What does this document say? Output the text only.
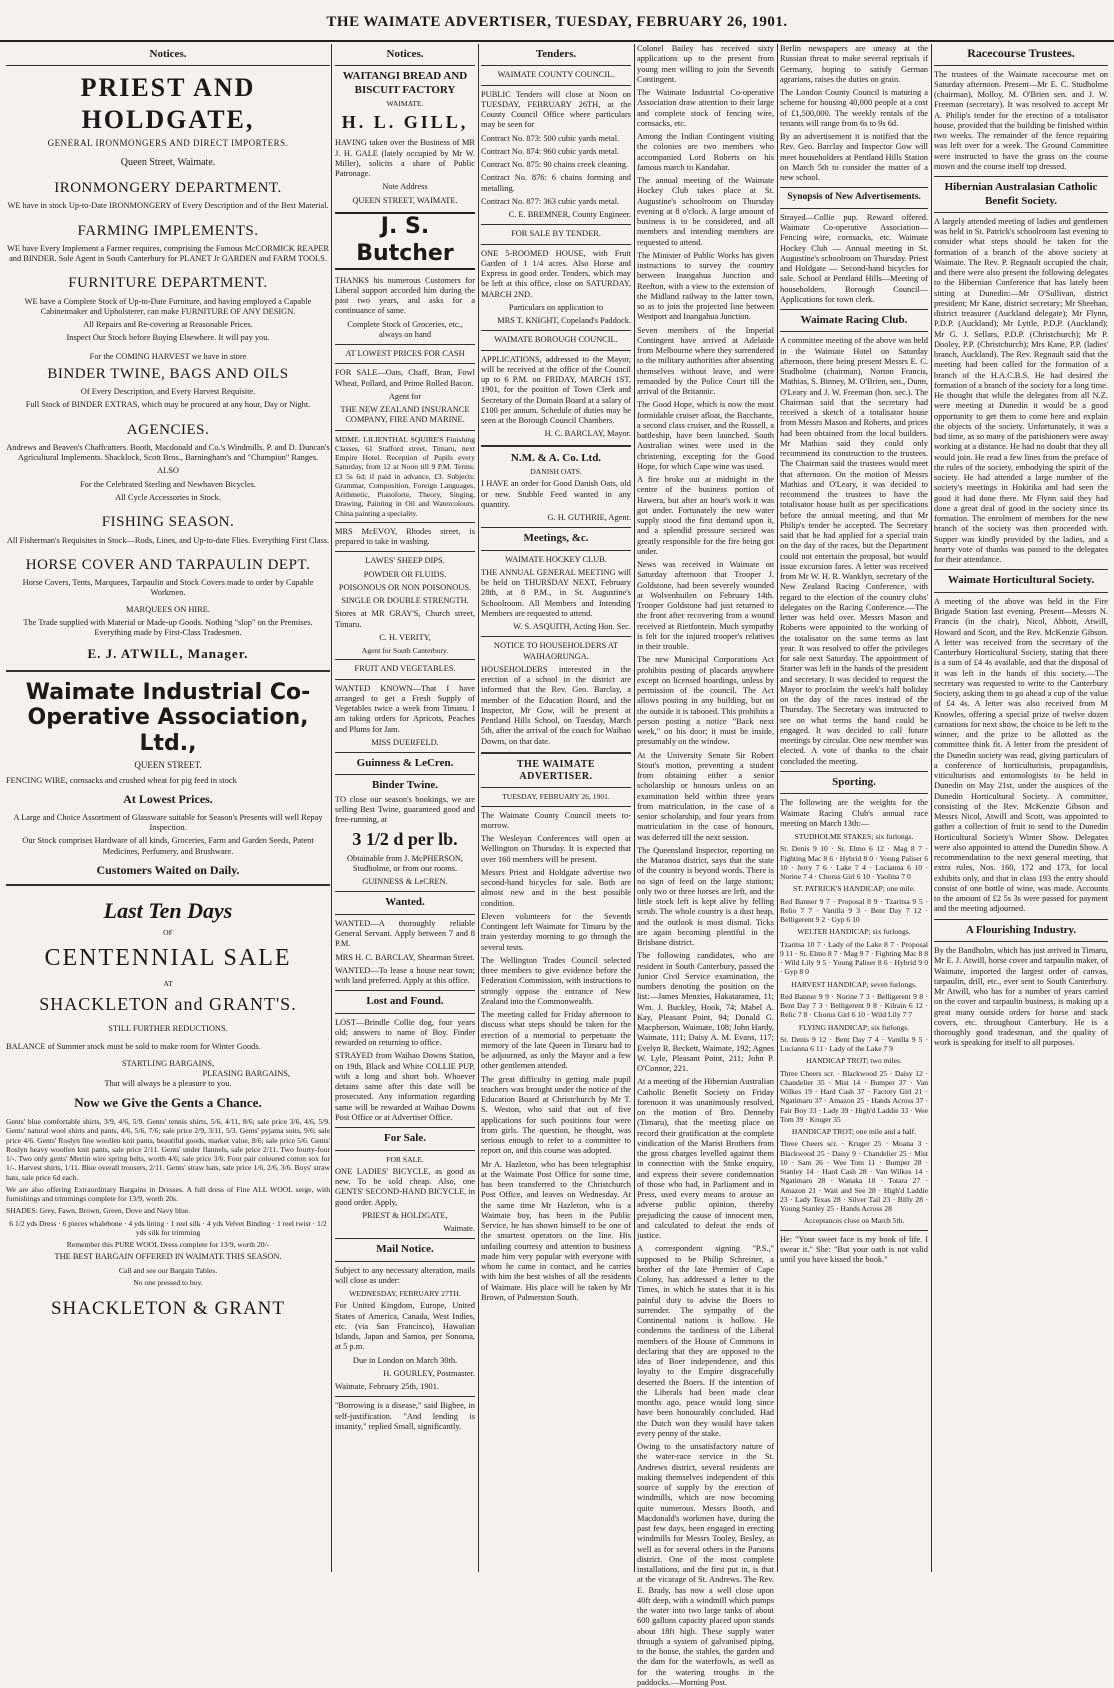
THE WAIMATE ADVERTISER, TUESDAY, FEBRUARY 26, 1901.
Notices.
PRIEST AND HOLDGATE,
GENERAL IRONMONGERS AND DIRECT IMPORTERS.
Queen Street, Waimate.
IRONMONGERY DEPARTMENT.

WE have in stock Up-to-Date IRONMONGERY of Every Description and of the Best Material.

FARMING IMPLEMENTS.

WE have Every Implement a Farmer requires, comprising the Famous McCORMICK REAPER and BINDER. Sole Agent in South Canterbury for PLANET Jr GARDEN and FARM TOOLS.

FURNITURE DEPARTMENT.

WE have a Complete Stock of Up-to-Date Furniture, and having employed a Capable Cabinetmaker and Upholsterer, can make FURNITURE OF ANY DESIGN.

All Repairs and Re-covering at Reasonable Prices.

Inspect Our Stock before Buying Elsewhere. It will pay you.

For the COMING HARVEST we have in store

BINDER TWINE, BAGS AND OILS

Of Every Description, and Every Harvest Requisite.

Full Stock of BINDER EXTRAS, which may be procured at any hour, Day or Night.

AGENCIES.

Andrews and Beaven's Chaffcutters. Booth, Macdonald and Co.'s Windmills. P. and D. Duncan's Agricultural Implements. Shacklock, Scott Bros., Barningham's and "Champion" Ranges.

ALSO

For the Celebrated Sterling and Newhaven Bicycles.

All Cycle Accessories in Stock.

FISHING SEASON.

All Fisherman's Requisites in Stock—Rods, Lines, and Up-to-date Flies. Everything First Class.

HORSE COVER AND TARPAULIN DEPT.

Horse Covers, Tents, Marquees, Tarpaulin and Stock Covers made to order by Capable Workmen.

MARQUEES ON HIRE.

The Trade supplied with Material or Made-up Goods. Nothing "slop" on the Premises. Everything made by First-Class Tradesmen.

E. J. ATWILL, Manager.
Waimate Industrial Co-Operative Association, Ltd.,
QUEEN STREET.

FENCING WIRE, cornsacks and crushed wheat for pig feed in stock

At Lowest Prices.

A Large and Choice Assortment of Glassware suitable for Season's Presents will well Repay Inspection.

Our Stock comprises Hardware of all kinds, Groceries, Farm and Garden Seeds, Patent Medicines, Perfumery, and Brushware.

Customers Waited on Daily.
Last Ten Days
OF
CENTENNIAL SALE
AT
SHACKLETON and GRANT'S.
STILL FURTHER REDUCTIONS.

BALANCE of Summer stock must be sold to make room for Winter Goods.

STARTLING BARGAINS,
PLEASING BARGAINS,

That will always be a pleasure to you.

Now we Give the Gents a Chance.

Gents' blue comfortable shirts, 3/9, 4/6, 5/9. Gents' tennis shirts, 5/6, 4/11, 8/6; sale price 3/6, 4/6, 5/9. Gents' natural wool shirts and pants, 4/6, 5/6, 7/6; sale price 2/9, 3/11, 5/3. Gents' pyjama suits, 9/6; sale price 4/6. Gents' Roslyn fine woollen knit pants, beautiful goods, market value, 8/6; sale price 5/6. Gents' Roslyn heavy woollen knit pants, sale price 2/11. Gents' under flannels, sale price 2/11. Two fourty-four 1/-. Two only gents' Mertin wire spring belts, worth 4/6; sale price 3/6. Four pair coloured cotton sox for 1/-. Harvest shirts, 1/11. Blue overall trousers, 2/11. Gents' straw hats, sale price 1/6, 2/6, 3/6. Boys' straw hats, sale price 6d each.

We are also offering Extraordinary Bargains in Dresses. A full dress of Fine ALL WOOL serge, with furnishings and trimmings complete for 13/9, worth 20s.

SHADES: Grey, Fawn, Brown, Green, Dove and Navy blue.

6 1/2 yds Dress · 6 pieces whalebone · 4 yds lining · 1 reel silk · 4 yds Velvet Binding · 1 reel twist · 1/2 yds silk for trimming

Remember this PURE WOOL Dress complete for 13/9, worth 20/-

THE BEST BARGAIN OFFERED IN WAIMATE THIS SEASON.

Call and see our Bargain Tables.

No one pressed to buy.

SHACKLETON & GRANT
Notices.
WAITANGI BREAD AND BISCUIT FACTORY
WAIMATE.
H. L. GILL,

HAVING taken over the Business of MR J. H. GALE (lately occupied by Mr W. Miller), solicits a share of Public Patronage.

Note Address

QUEEN STREET, WAIMATE.

J. S. Butcher

THANKS his numerous Customers for Liberal support accorded him during the past two years, and asks for a continuance of same.

Complete Stock of Groceries, etc., always on hand

AT LOWEST PRICES FOR CASH

FOR SALE—Oats, Chaff, Bran, Fowl Wheat, Pollard, and Prime Rolled Bacon.

Agent for

THE NEW ZEALAND INSURANCE COMPANY, FIRE AND MARINE.

MDME. LILIENTHAL SQUIRE'S Finishing Classes, 61 Stafford street, Timaru, next Empire Hotel. Reception of Pupils every Saturday, from 12 at Noon till 9 P.M. Terms: £3 5s 6d; if paid in advance, £3. Subjects: Grammar, Composition, Foreign Languages, Arithmetic, Pianoforte, Theory, Singing, Drawing, Painting in Oil and Watercolours. China painting a speciality.

MRS McEVOY, Rhodes street, is prepared to take in washing.

LAWES' SHEEP DIPS.

POWDER OR FLUIDS.

POISONOUS OR NON POISONOUS.

SINGLE OR DOUBLE STRENGTH.

Stores at MR GRAY'S, Church street, Timaru.

C. H. VERITY,

Agent for South Canterbury.

FRUIT AND VEGETABLES.

WANTED KNOWN—That I have arranged to get a Fresh Supply of Vegetables twice a week from Timaru. I am taking orders for Apricots, Peaches and Plums for Jam.

MISS DUERFELD.

Guinness & LeCren.
Binder Twine.

TO close our season's bookings, we are selling Best Twine, guaranteed good and free-running, at

3 1/2 d per lb.

Obtainable from J. McPHERSON, Studholme, or from our rooms.

GUINNESS & LeCREN.

Wanted.

WANTED—A thoroughly reliable General Servant. Apply between 7 and 8 P.M.

MRS H. C. BARCLAY, Shearman Street.

WANTED—To lease a house near town; with land preferred. Apply at this office.

Lost and Found.

LOST—Brindle Collie dog, four years old; answers to name of Boy. Finder rewarded on returning to office.

STRAYED from Waihao Downs Station, on 19th, Black and White COLLIE PUP, with a long and short bob. Whoever detains same after this date will be prosecuted. Any information regarding same will be rewarded at Waihao Downs Post Office or at Advertiser Office.

For Sale.

FOR SALE.

ONE LADIES' BICYCLE, as good as new. To be sold cheap. Also, one GENTS' SECOND-HAND BICYCLE, in good order. Apply,

PRIEST & HOLDGATE,

Waimate.

Mail Notice.

Subject to any necessary alteration, mails will close as under:

WEDNESDAY, FEBRUARY 27TH.

For United Kingdom, Europe, United States of America, Canada, West Indies, etc. (via San Francisco), Hawaiian Islands, Japan and Samoa, per Sonoma, at 5 p.m.

Due in London on March 30th.

H. GOURLEY, Postmaster.

Waimate, February 25th, 1901.

"Borrowing is a disease," said Bigbee, in self-justification. "And lending is insanity," replied Small, significantly.

Tenders.

WAIMATE COUNTY COUNCIL.

PUBLIC Tenders will close at Noon on TUESDAY, FEBRUARY 26TH, at the County Council Office where particulars may be seen for

Contract No. 873: 500 cubic yards metal.

Contract No. 874: 960 cubic yards metal.

Contract No. 875: 90 chains creek cleaning.

Contract No. 876: 6 chains forming and metalling.

Contract No. 877: 363 cubic yards metal.

C. E. BREMNER, County Engineer.

FOR SALE BY TENDER.

ONE 5-ROOMED HOUSE, with Fruit Garden of 1 1/4 acres. Also Horse and Express in good order. Tenders, which may be left at this office, close on SATURDAY, MARCH 2ND.

Particulars on application to

MRS T. KNIGHT, Copeland's Paddock.

WAIMATE BOROUGH COUNCIL.

APPLICATIONS, addressed to the Mayor, will be received at the office of the Council up to 6 P.M. on FRIDAY, MARCH 1ST, 1901, for the position of Town Clerk and Secretary of the Domain Board at a salary of £100 per annum. Schedule of duties may be seen at the Borough Council Chambers.

H. C. BARCLAY, Mayor.

N.M. & A. Co. Ltd.

DANISH OATS.

I HAVE an order for Good Danish Oats, old or new. Stubble Feed wanted in any quantity.

G. H. GUTHRIE, Agent.

Meetings, &c.

WAIMATE HOCKEY CLUB.

THE ANNUAL GENERAL MEETING will be held on THURSDAY NEXT, February 28th, at 8 P.M., in St. Augustine's Schoolroom. All Members and Intending Members are requested to attend.

W. S. ASQUITH, Acting Hon. Sec.

NOTICE TO HOUSEHOLDERS AT WAIHAORUNGA.

HOUSEHOLDERS interested in the erection of a school in the district are informed that the Rev. Geo. Barclay, a member of the Education Board, and the Inspector, Mr Gow, will be present at Pentland Hills School, on Tuesday, March 5th, after the arrival of the coach for Waihao Downs, on that date.

THE WAIMATE ADVERTISER.

TUESDAY, FEBRUARY 26, 1901.

The Waimate County Council meets to-morrow.

The Wesleyan Conferences will open at Wellington on Thursday. It is expected that over 160 members will be present.

Messrs Priest and Holdgate advertise two second-hand bicycles for sale. Both are almost new and in the best possible condition.

Eleven volunteers for the Seventh Contingent left Waimate for Timaru by the train yesterday morning to go through the several tests.

The Wellington Trades Council selected three members to give evidence before the Federation Commission, with instructions to strongly oppose the entrance of New Zealand into the Commonwealth.

The meeting called for Friday afternoon to discuss what steps should be taken for the erection of a memorial to perpetuate the memory of the late Queen in Timaru had to be adjourned, as only the Mayor and a few other gentlemen attended.

The great difficulty in getting male pupil teachers was brought under the notice of the Education Board at Christchurch by Mr T. S. Weston, who said that out of five applications for such positions four were from girls. The question, he thought, was serious enough to refer to a committee to report on, and this course was adopted.

Mr A. Hazleton, who has been telegraphist at the Waimate Post Office for some time, has been transferred to the Christchurch Post Office, and leaves on Wednesday. At the same time Mr Hazleton, who is a Waimate boy, has been in the Public Service, he has shown himself to be one of the smartest operators on the line. His unfailing courtesy and attention to business made him very popular with everyone with whom he came in contact, and he carries with him the best wishes of all the residents of Waimate. His place will be taken by Mr Brown, of Palmerston South.

Colonel Bailey has received sixty applications up to the present from young men willing to join the Seventh Contingent.

The Waimate Industrial Co-operative Association draw attention to their large and complete stock of fencing wire, cornsacks, etc.

Among the Indian Contingent visiting the colonies are two members who accompanied Lord Roberts on his famous march to Kandahar.

The annual meeting of the Waimate Hockey Club takes place at St. Augustine's schoolroom on Thursday evening at 8 o'clock. A large amount of business is to be considered, and all members and intending members are requested to attend.

The Minister of Public Works has given instructions to survey the country between Inangahua Junction and Reefton, with a view to the extension of the Midland railway to the latter town, so as to join the projected line between Westport and Inangahua Junction.

Seven members of the Imperial Contingent have arrived at Adelaide from Melbourne where they surrendered to the military authorities after absenting themselves without leave, and were remanded by the Police Court till the arrival of the Britannic.

The Good Hope, which is now the most formidable cruiser afloat, the Bacchante, a second class cruiser, and the Russell, a battleship, have been launched. South Australian wines were used in the christening, excepting for the Good Hope, for which Cape wine was used.

A fire broke out at midnight in the centre of the business portion of Hawera, but after an hour's work it was got under. Fortunately the new water supply stood the first demand upon it, and a splendid pressure secured was greatly responsible for the fire being got under.

News was received in Waimate on Saturday afternoon that Trooper J. Goldstone, had been severely wounded at Wolvenhuilen on February 14th. Trooper Goldstone had just returned to the front after recovering from a wound received at Rietfontein. Much sympathy is felt for the injured trooper's relatives in their trouble.

The new Municipal Corporations Act prohibits posting of placards anywhere except on licensed hoardings, unless by permission of the council. The Act allows posting in any building, but on the outside it is tabooed. This prohibits a person posting a notice "Back next week," on his door; it must be inside, presumably on the window.

At the University Senate Sir Robert Stout's motion, preventing a student from obtaining either a senior scholarship or honours unless on an examination held within three years from matriculation, in the case of a senior scholarship, and four years from matriculation in the case of honours, was deferred till the next session.

The Queensland Inspector, reporting on the Maranoa district, says that the state of the country is beyond words. There is no sign of feed on the large stations; only two or three horses are left, and the little stock left is kept alive by felling scrub. The whole country is a dust heap, and the outlook is most dismal. Ticks are again becoming plentiful in the Brisbane district.

The following candidates, who are resident in South Canterbury, passed the Junior Civil Service examination, the numbers denoting the position on the list:—James Menzies, Hakataramea, 11; Wm. J. Buckley, Hook, 74; Mabel A. Kay, Pleasant Point, 94; Donald G. Macpherson, Waimate, 108; John Hardy, Waimate, 111; Daisy A. M. Evans, 117; Evelyn R. Beckett, Waimate, 192; Agnes W. Lyle, Pleasant Point, 211; John P. O'Connor, 221.

At a meeting of the Hibernian Australian Catholic Benefit Society on Friday forenoon it was unanimously resolved, on the motion of Bro. Dennehy (Timaru), that the meeting place on record their gratification at the complete vindication of the Marist Brothers from the gross charges levelled against them in connection with the Stoke enquiry, and express their severe condemnation of those who had, in Parliament and in Press, used every means to arouse an adverse public opinion, thereby prejudicing the cause of innocent men, and calculated to defeat the ends of justice.

A correspondent signing "P.S.," supposed to be Philip Schreiner, a brother of the late Premier of Cape Colony, has addressed a letter to the Times, in which he states that it is his painful duty to advise the Boers to surrender. The sympathy of the Continental nations is hollow. He condemns the tardiness of the Liberal members of the House of Commons in declaring that they are opposed to the idea of Boer independence, and this loyalty to the Empire disgracefully deserted the Boers. If the intention of the Liberals had been made clear months ago, peace would long since have been honourably concluded. Had the Dutch won they would have taken every penny of the stake.

Owing to the unsatisfactory nature of the water-race service in the St. Andrews district, several residents are making themselves independent of this source of supply by the erection of windmills, which are now becoming quite numerous. Messrs Booth, and Macdonald's workmen have, during the past few days, been engaged in erecting windmills for Messrs Tooley, Besley, as well as for several others in the Parsons district. One of the most complete installations, and the first put in, is that at the vicarage of St. Andrews. The Rev. E. Brady, has now a well close upon 40ft deep, with a windmill which pumps the water into two large tanks of about 600 gallons capacity placed upon stands about 18ft high. These supply water through a system of galvanised piping, to the house, the stables, the garden and the dam for the waterfowls, as well as for the watering troughs in the paddocks.—Morning Post.

Berlin newspapers are uneasy at the Russian threat to make several reprisals if Germany, hoping to satisfy German agrarians, raises the duties on grain.

The London County Council is maturing a scheme for housing 40,000 people at a cost of £1,500,000. The weekly rentals of the tenants will range from 6s to 9s 6d.

By an advertisement it is notified that the Rev. Geo. Barclay and Inspector Gow will meet householders at Pentland Hills Station on March 5th to consider the matter of a new school.

Synopsis of New Advertisements.

Strayed—Collie pup. Reward offered. Waimate Co-operative Association—Fencing wire, cornsacks, etc. Waimate Hockey Club — Annual meeting in St. Augustine's schoolroom on Thursday. Priest and Holdgate — Second-hand bicycles for sale. School at Pentland Hills—Meeting of householders. Borough Council—Applications for town clerk.

Waimate Racing Club.

A committee meeting of the above was held in the Waimate Hotel on Saturday afternoon, there being present Messrs E. C. Studholme (chairman), Norton Francis, Mathias, S. Binney, M. O'Brien, sen., Dunn, O'Leary and J. W. Freeman (hon. sec.). The Chairman said that the secretary had received a sketch of a totalisator house from Messrs Mason and Roberts, and prices had been obtained from the local builders. Mr Mathias said they could only recommend its construction to the trustees. The Chairman said the trustees would meet that afternoon. On the motion of Messrs Mathias and O'Leary, it was decided to recommend the trustees to have the totalisator house built as per specifications before the annual meeting, and that Mr Philip's tender be accepted. The Secretary said that he had applied for a special train on the day of the races, but the Department could not entertain the proposal, but would issue excursion fares. A letter was received from Mr W. H. R. Wanklyn, secretary of the New Zealand Racing Conference, with regard to the election of the country clubs' delegates on the Racing Conference.—The letter was held over. Messrs Mason and Roberts were appointed to the working of the totalisator on the same terms as last year. It was resolved to offer the privileges for sale next Saturday. The appointment of Starter was left in the hands of the president and secretary. It was decided to request the Mayor to proclaim the week's half holiday on the day of the races instead of the Thursday. The Secretary was instructed to see on what terms the band could be engaged. It was decided to call future meetings by circular. One new member was elected. A vote of thanks to the chair concluded the meeting.

Sporting.

The following are the weights for the Waimate Racing Club's annual race meeting on March 13th:—

STUDHOLME STAKES; six furlongs.

St. Denis 9 10 · St. Elmo 6 12 · Mag 8 7 · Fighting Mac 8 6 · Hybrid 8 0 · Young Paliser 6 10 · Jerry 7 6 · Lake 7 4 · Lucianna 6 10 · Norine 7 4 · Chorus Girl 6 10 · Yaolina 7 0

ST. PATRICK'S HANDICAP; one mile.

Red Banner 9 7 · Proposal 8 9 · Tzaritsa 9 5 · Relio 7 7 · Vanilla 9 3 · Bent Day 7 12 · Belligerent 9 2 · Gyp 6 10

WELTER HANDICAP; six furlongs.

Tzaritsa 10 7 · Lady of the Lake 8 7 · Proposal 9 11 · St. Elmo 8 7 · Mag 9 7 · Fighting Mac 8 8 · Wild Lily 9 5 · Young Paliser 8 6 · Hybrid 9 0 · Gyp 8 0

HARVEST HANDICAP; seven furlongs.

Red Banner 9 9 · Norine 7 3 · Belligerent 9 8 · Bent Day 7 3 · Belligerent 9 8 · Kilrain 6 12 · Relic 7 8 · Chorus Girl 6 10 · Wild Lily 7 7

FLYING HANDICAP; six furlongs.

St. Denis 9 12 · Bent Day 7 4 · Vanilla 9 5 · Lucianna 6 11 · Lady of the Lake 7 9

HANDICAP TROT; two miles.

Three Cheers scr. · Blackwood 25 · Daisy 12 · Chandelier 35 · Mist 14 · Bumper 37 · Van Wilkes 19 · Hard Cash 37 · Factory Girl 21 · Ngatimaru 37 · Amazon 25 · Hands Across 37 · Fair Boy 33 · Lady 39 · High'd Laddie 33 · Wee Tom 39 · Kruger 35

HANDICAP TROT; one mile and a half.

Three Cheers scr. · Kruger 25 · Moana 3 · Blackwood 25 · Daisy 9 · Chandelier 25 · Mist 10 · Sam 26 · Wee Tom 11 · Bumper 28 · Stanley 14 · Hard Cash 28 · Van Wilkes 14 · Ngatimaru 28 · Wanaka 18 · Totara 27 · Amazon 21 · Wait and See 28 · High'd Laddie 23 · Lady Texas 28 · Silver Tail 23 · Billy 28 · Young Stanley 25 · Hands Across 28

Acceptances close on March 5th.

He: "Your sweet face is my book of life. I swear it." She: "But your oath is not valid until you have kissed the book."

Racecourse Trustees.

The trustees of the Waimate racecourse met on Saturday afternoon. Present—Mr E. C. Studholme (chairman), Molloy, M. O'Brien sen. and J. W. Freeman (secretary). It was resolved to accept Mr A. Philip's tender for the erection of a totalisator house, provided that the building be finished within two weeks. The remainder of the fence repairing was left over for a week. The Ground Committee were instructed to have the grass on the course mown and the course itself top dressed.

Hibernian Australasian Catholic Benefit Society.

A largely attended meeting of ladies and gentlemen was held in St. Patrick's schoolroom last evening to consider what steps should be taken for the formation of a branch of the above society at Waimate. The Rev. P. Regnault occupied the chair, and there were also present the following delegates to the Hibernian Conference that has lately been sitting at Dunedin:—Mr O'Sullivan, district president; Mr Kane, district secretary; Mr Sheehan, district treasurer (Auckland delegate); Mr Flynn, P.D.P. (Auckland); Mr Lyttle, P.D.P. (Auckland); Mr G. J. Sellars, P.D.P. (Christchurch); Mr P. Dooley, P.P. (Christchurch); Mrs Kane, P.P. (ladies' branch, Auckland). The Rev. Regnault said that the meeting had been called for the formation of a branch of the H.A.C.B.S. He had desired the formation of a branch of the society for a long time. He thought that while the delegates from all N.Z. were meeting at Dunedin it would be a good opportunity to get them to come here and explain the objects of the society. Unfortunately, it was a bad time, as so many of the parishioners were away working at a distance. He had no doubt that they all would join. He read a few lines from the preface of the rules of the society, embodying the spirit of the society. He had attended a large number of the society's meetings in Hokitika and had seen the good it had done there. Mr Flynn said they had done a great deal of good in the society since its formation. The enrolment of members for the new branch of the society was then proceeded with. Supper was kindly provided by the ladies, and a hearty vote of thanks was passed to the delegates for their attendance.

Waimate Horticultural Society.

A meeting of the above was held in the Fire Brigade Station last evening. Present—Messrs N. Francis (in the chair), Nicol, Abbott, Atwill, Howard and Scott, and the Rev. McKenzie Gibson. A letter was received from the secretary of the Canterbury Horticultural Society, stating that there is a sum of £4 4s available, and that the disposal of it was left in the hands of this society.—The secretary was requested to write to the Canterbury Society, asking them to go ahead a cup of the value of £4 4s. A letter was also received from M Knowles, offering a special prize of twelve dozen carnations for next show, the choice to be left to the winner, and the prize to be allotted as the committee think fit. A letter from the president of the Dunedin society was read, giving particulars of a conference of horticulturists, propagandists, viticulturists and entomologists to be held in Dunedin on May 21st, under the auspices of the Dunedin Horticultural Society. A committee, consisting of the Rev. McKenzie Gibson and Messrs Nicol, Atwill and Scott, was appointed to gather a collection of fruit to send to the Dunedin Horticultural Society's Winter Show. Delegates were also appointed to attend the Dunedin Show. A recommendation to the next general meeting, that extra rules, Nos. 160, 172 and 173, for local exhibits only, and that in class 193 the entry should consist of one bottle of wine, was made. Accounts to the amount of £2 5s 3s were passed for payment and the meeting adjourned.

A Flourishing Industry.

By the Bandholm, which has just arrived in Timaru, Mr E. J. Atwill, horse cover and tarpaulin maker, of Waimate, imported the largest order of canvas, tarpaulin, drill, etc., ever sent to South Canterbury. Mr Atwill, who has for a number of years carried on the cover and tarpaulin business, is making up a great many outside orders for horse and stack covers, etc. throughout Canterbury. He is a thoroughly good tradesman, and the quality of work is speaking for itself to all purposes.
